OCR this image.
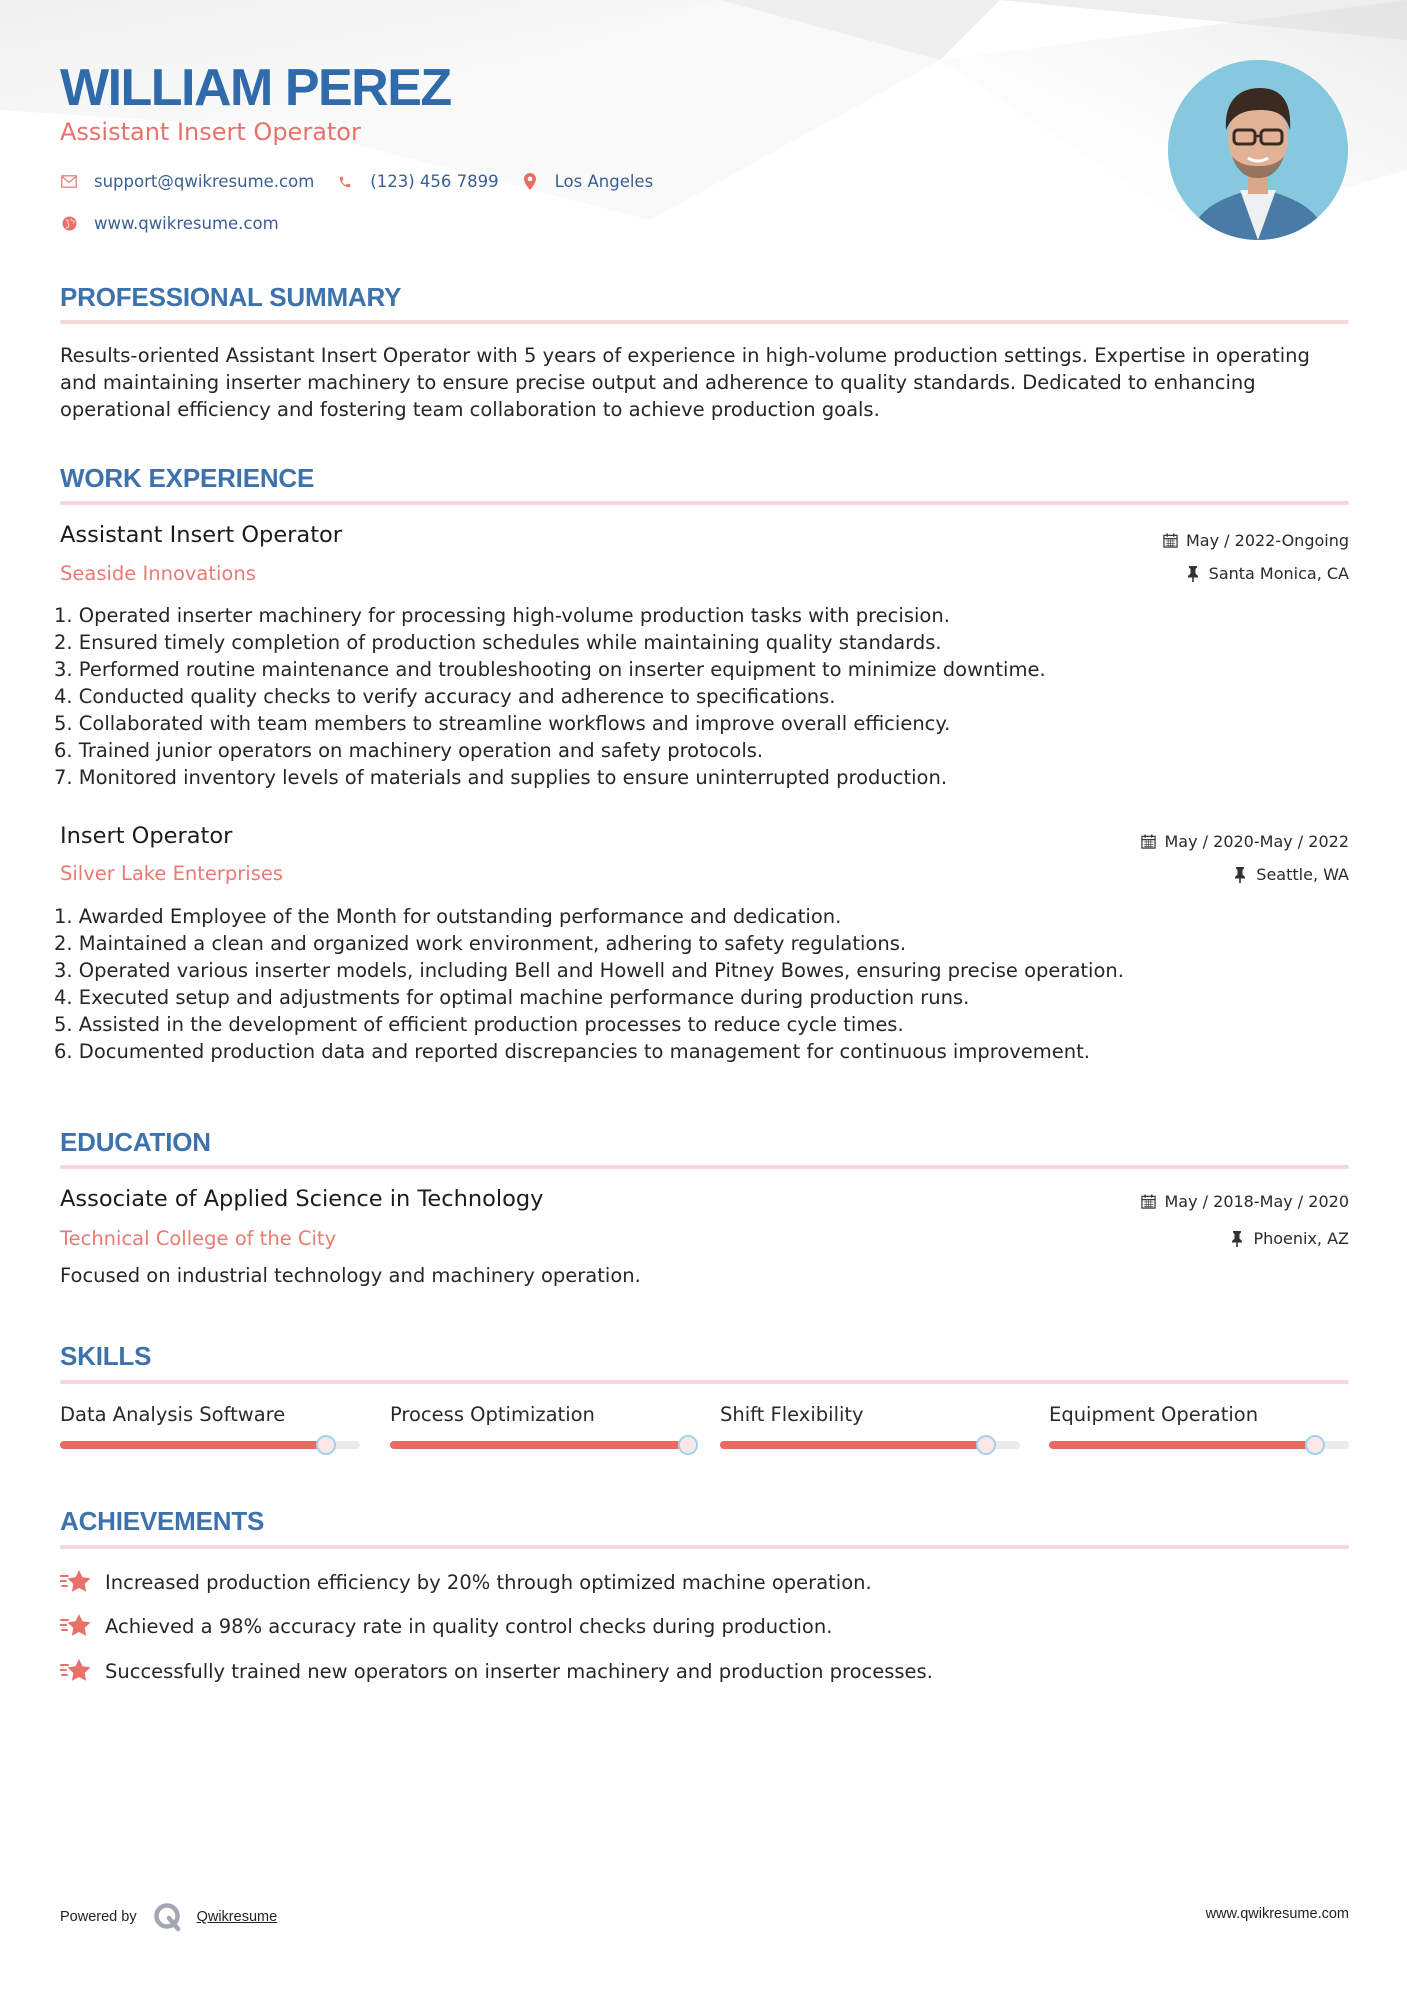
WILLIAM PEREZ
Assistant Insert Operator
support@qwikresume.com	(123) 456 7899	Los Angeles
www.qwikresume.com
PROFESSIONAL SUMMARY
Results-oriented Assistant Insert Operator with 5 years of experience in high-volume production settings. Expertise in operating and maintaining inserter machinery to ensure precise output and adherence to quality standards. Dedicated to enhancing operational efficiency and fostering team collaboration to achieve production goals.
WORK EXPERIENCE
Assistant Insert Operator
Seaside Innovations
May / 2022-Ongoing
Santa Monica, CA
1. Operated inserter machinery for processing high-volume production tasks with precision.
2. Ensured timely completion of production schedules while maintaining quality standards.
3. Performed routine maintenance and troubleshooting on inserter equipment to minimize downtime.
4. Conducted quality checks to verify accuracy and adherence to specifications.
5. Collaborated with team members to streamline workflows and improve overall efficiency.
6. Trained junior operators on machinery operation and safety protocols.
7. Monitored inventory levels of materials and supplies to ensure uninterrupted production.
Insert Operator
Silver Lake Enterprises
May / 2020-May / 2022
Seattle, WA
1. Awarded Employee of the Month for outstanding performance and dedication.
2. Maintained a clean and organized work environment, adhering to safety regulations.
3. Operated various inserter models, including Bell and Howell and Pitney Bowes, ensuring precise operation.
4. Executed setup and adjustments for optimal machine performance during production runs.
5. Assisted in the development of efficient production processes to reduce cycle times.
6. Documented production data and reported discrepancies to management for continuous improvement.
EDUCATION
Associate of Applied Science in Technology
Technical College of the City
May / 2018-May / 2020
Phoenix, AZ
Focused on industrial technology and machinery operation.
SKILLS
Data Analysis Software	Process Optimization	Shift Flexibility	Equipment Operation
ACHIEVEMENTS
Increased production efficiency by 20% through optimized machine operation.
Achieved a 98% accuracy rate in quality control checks during production.
Successfully trained new operators on inserter machinery and production processes.
Powered by	Qwikresume	www.qwikresume.com
